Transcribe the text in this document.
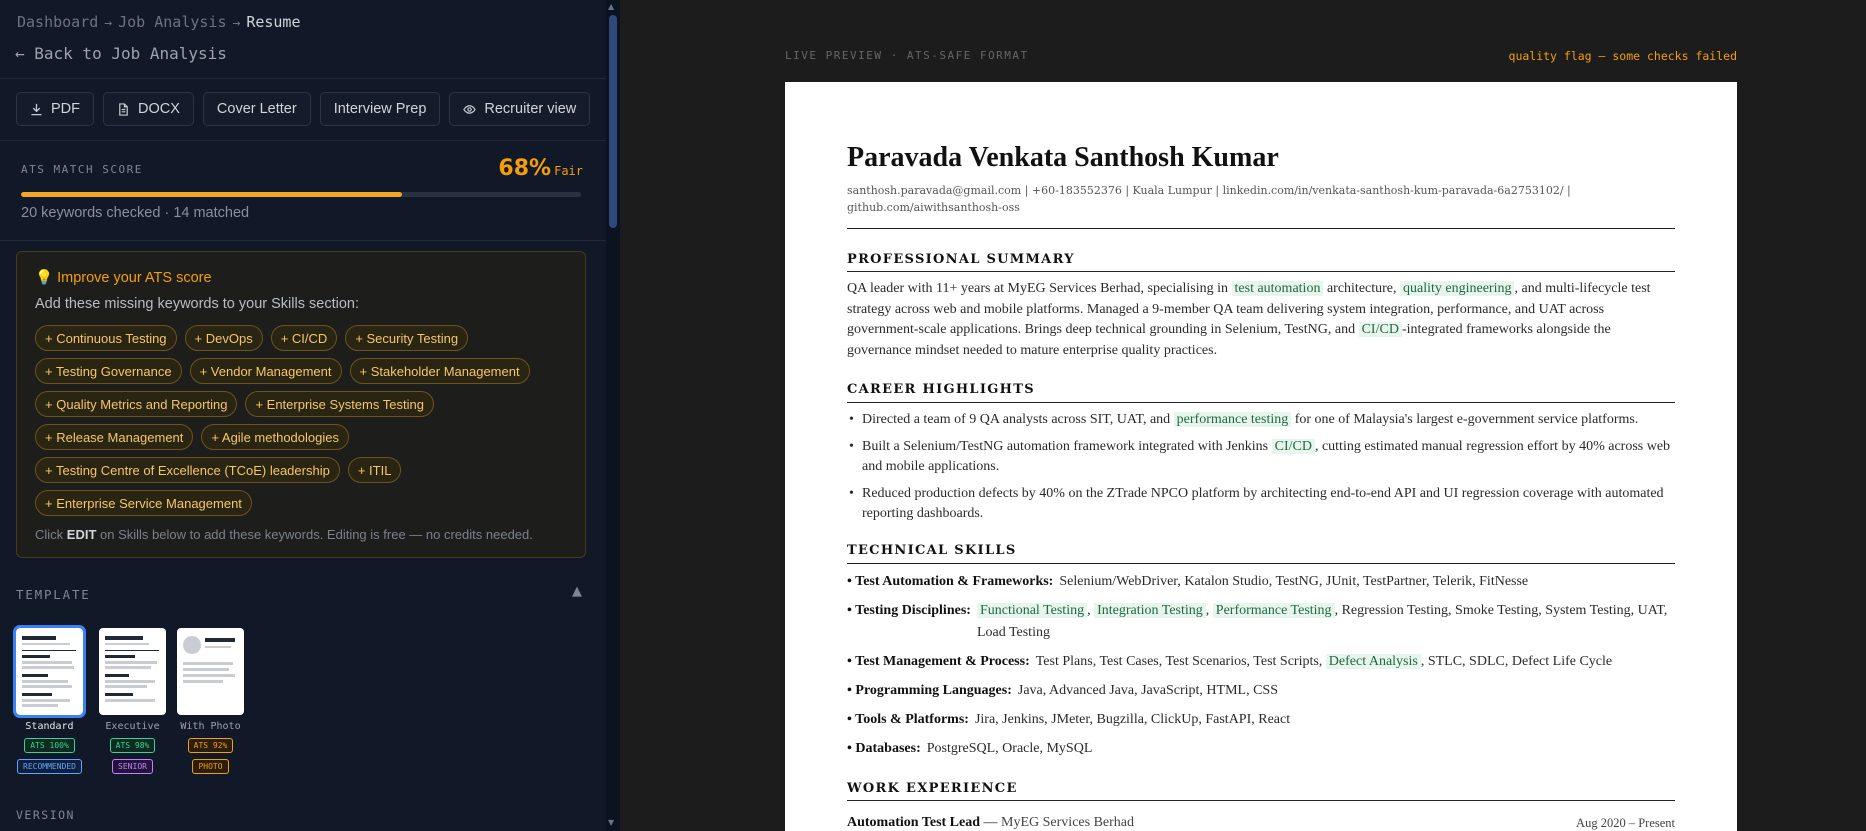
Dashboard → Job Analysis → Resume
← Back to Job Analysis
PDF	DOCX	Cover Letter	Interview Prep	Recruiter view
ATS MATCH SCORE	68% Fair
20 keywords checked · 14 matched
💡 Improve your ATS score
Add these missing keywords to your Skills section:
+ Continuous Testing	+ DevOps	+ CI/CD	+ Security Testing
+ Testing Governance	+ Vendor Management	+ Stakeholder Management
+ Quality Metrics and Reporting	+ Enterprise Systems Testing
+ Release Management	+ Agile methodologies
+ Testing Centre of Excellence (TCoE) leadership	+ ITIL
+ Enterprise Service Management
Click EDIT on Skills below to add these keywords. Editing is free — no credits needed.
TEMPLATE	▲
Standard
ATS 100%
RECOMMENDED
Executive
ATS 98%
SENIOR
With Photo
ATS 92%
PHOTO
VERSION
▲
▼
LIVE PREVIEW · ATS-SAFE FORMAT	quality flag — some checks failed
Paravada Venkata Santhosh Kumar
santhosh.paravada@gmail.com | +60-183552376 | Kuala Lumpur | linkedin.com/in/venkata-santhosh-kum-paravada-6a2753102/ | github.com/aiwithsanthosh-oss
PROFESSIONAL SUMMARY
QA leader with 11+ years at MyEG Services Berhad, specialising in test automation architecture, quality engineering , and multi-lifecycle test strategy across web and mobile platforms. Managed a 9-member QA team delivering system integration, performance, and UAT across government-scale applications. Brings deep technical grounding in Selenium, TestNG, and CI/CD -integrated frameworks alongside the governance mindset needed to mature enterprise quality practices.
CAREER HIGHLIGHTS
• Directed a team of 9 QA analysts across SIT, UAT, and performance testing for one of Malaysia's largest e-government service platforms.
• Built a Selenium/TestNG automation framework integrated with Jenkins CI/CD , cutting estimated manual regression effort by 40% across web and mobile applications.
• Reduced production defects by 40% on the ZTrade NPCO platform by architecting end-to-end API and UI regression coverage with automated reporting dashboards.
TECHNICAL SKILLS
• Test Automation & Frameworks: Selenium/WebDriver, Katalon Studio, TestNG, JUnit, TestPartner, Telerik, FitNesse
• Testing Disciplines: Functional Testing , Integration Testing , Performance Testing , Regression Testing, Smoke Testing, System Testing, UAT, Load Testing
• Test Management & Process: Test Plans, Test Cases, Test Scenarios, Test Scripts, Defect Analysis , STLC, SDLC, Defect Life Cycle
• Programming Languages: Java, Advanced Java, JavaScript, HTML, CSS
• Tools & Platforms: Jira, Jenkins, JMeter, Bugzilla, ClickUp, FastAPI, React
• Databases: PostgreSQL, Oracle, MySQL
WORK EXPERIENCE
Automation Test Lead — MyEG Services Berhad	Aug 2020 – Present
